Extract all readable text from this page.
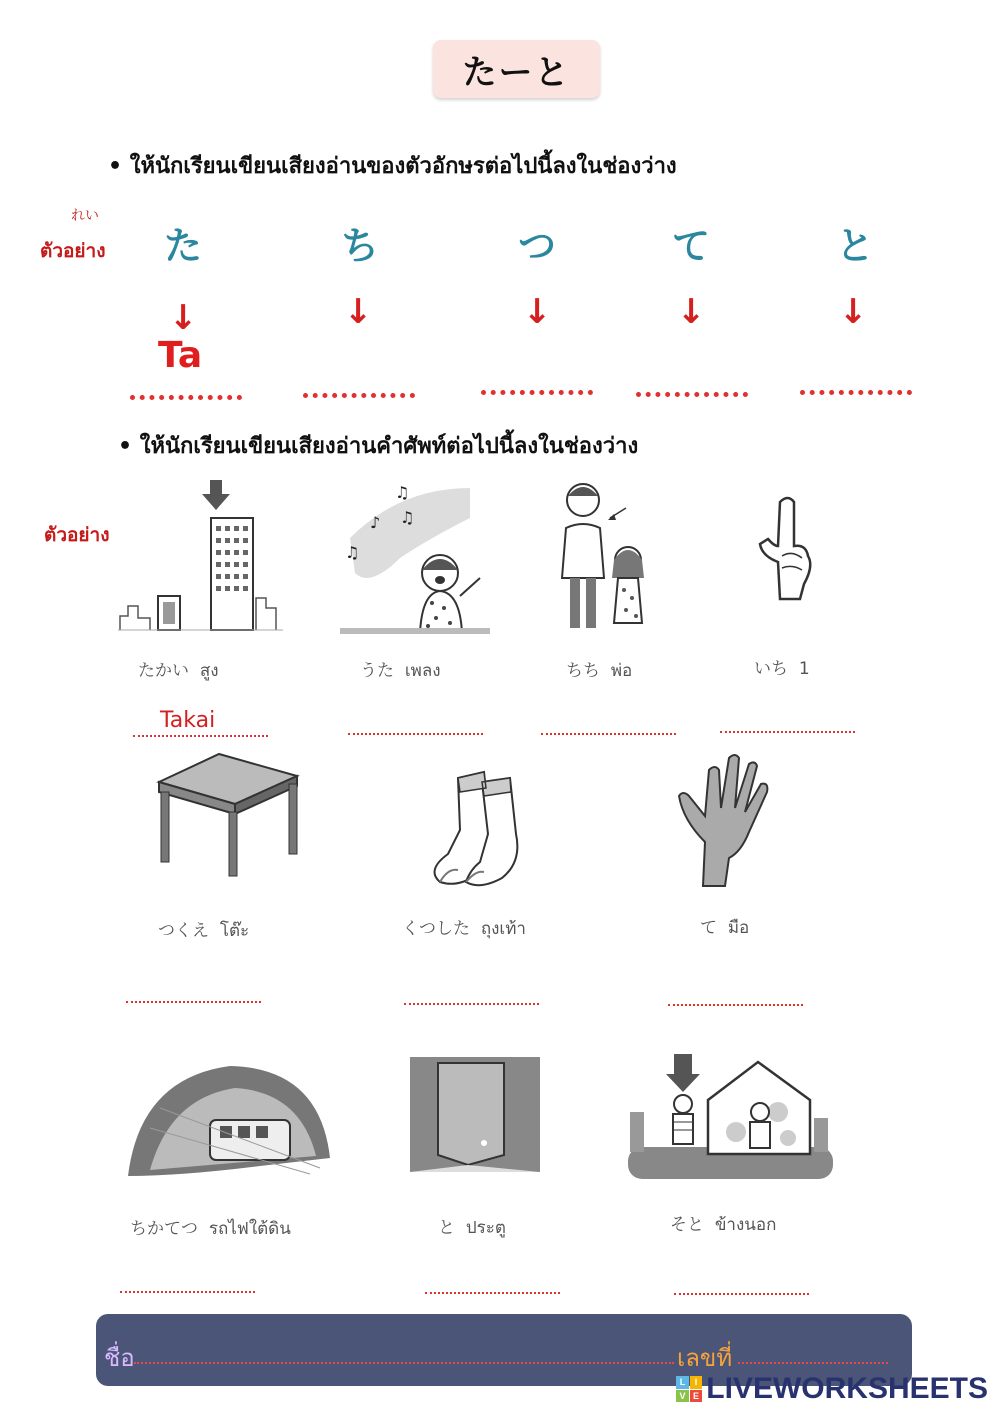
たーと
• ให้นักเรียนเขียนเสียงอ่านของตัวอักษรต่อไปนี้ลงในช่องว่าง
れい
ตัวอย่าง	た	ち	つ	て	と
↓	↓	↓	↓	↓
Ta
• ให้นักเรียนเขียนเสียงอ่านคำศัพท์ต่อไปนี้ลงในช่องว่าง
ตัวอย่าง
♫
♪ ♫
♫
たかい สูง	うた เพลง	ちち พ่อ	いち 1
Takai
つくえ โต๊ะ	くつした ถุงเท้า	て มือ
ちかてつ รถไฟใต้ดิน	と ประตู	そと ข้างนอก
ชื่อ	เลขที่
L	I
V E LIVEWORKSHEETS
